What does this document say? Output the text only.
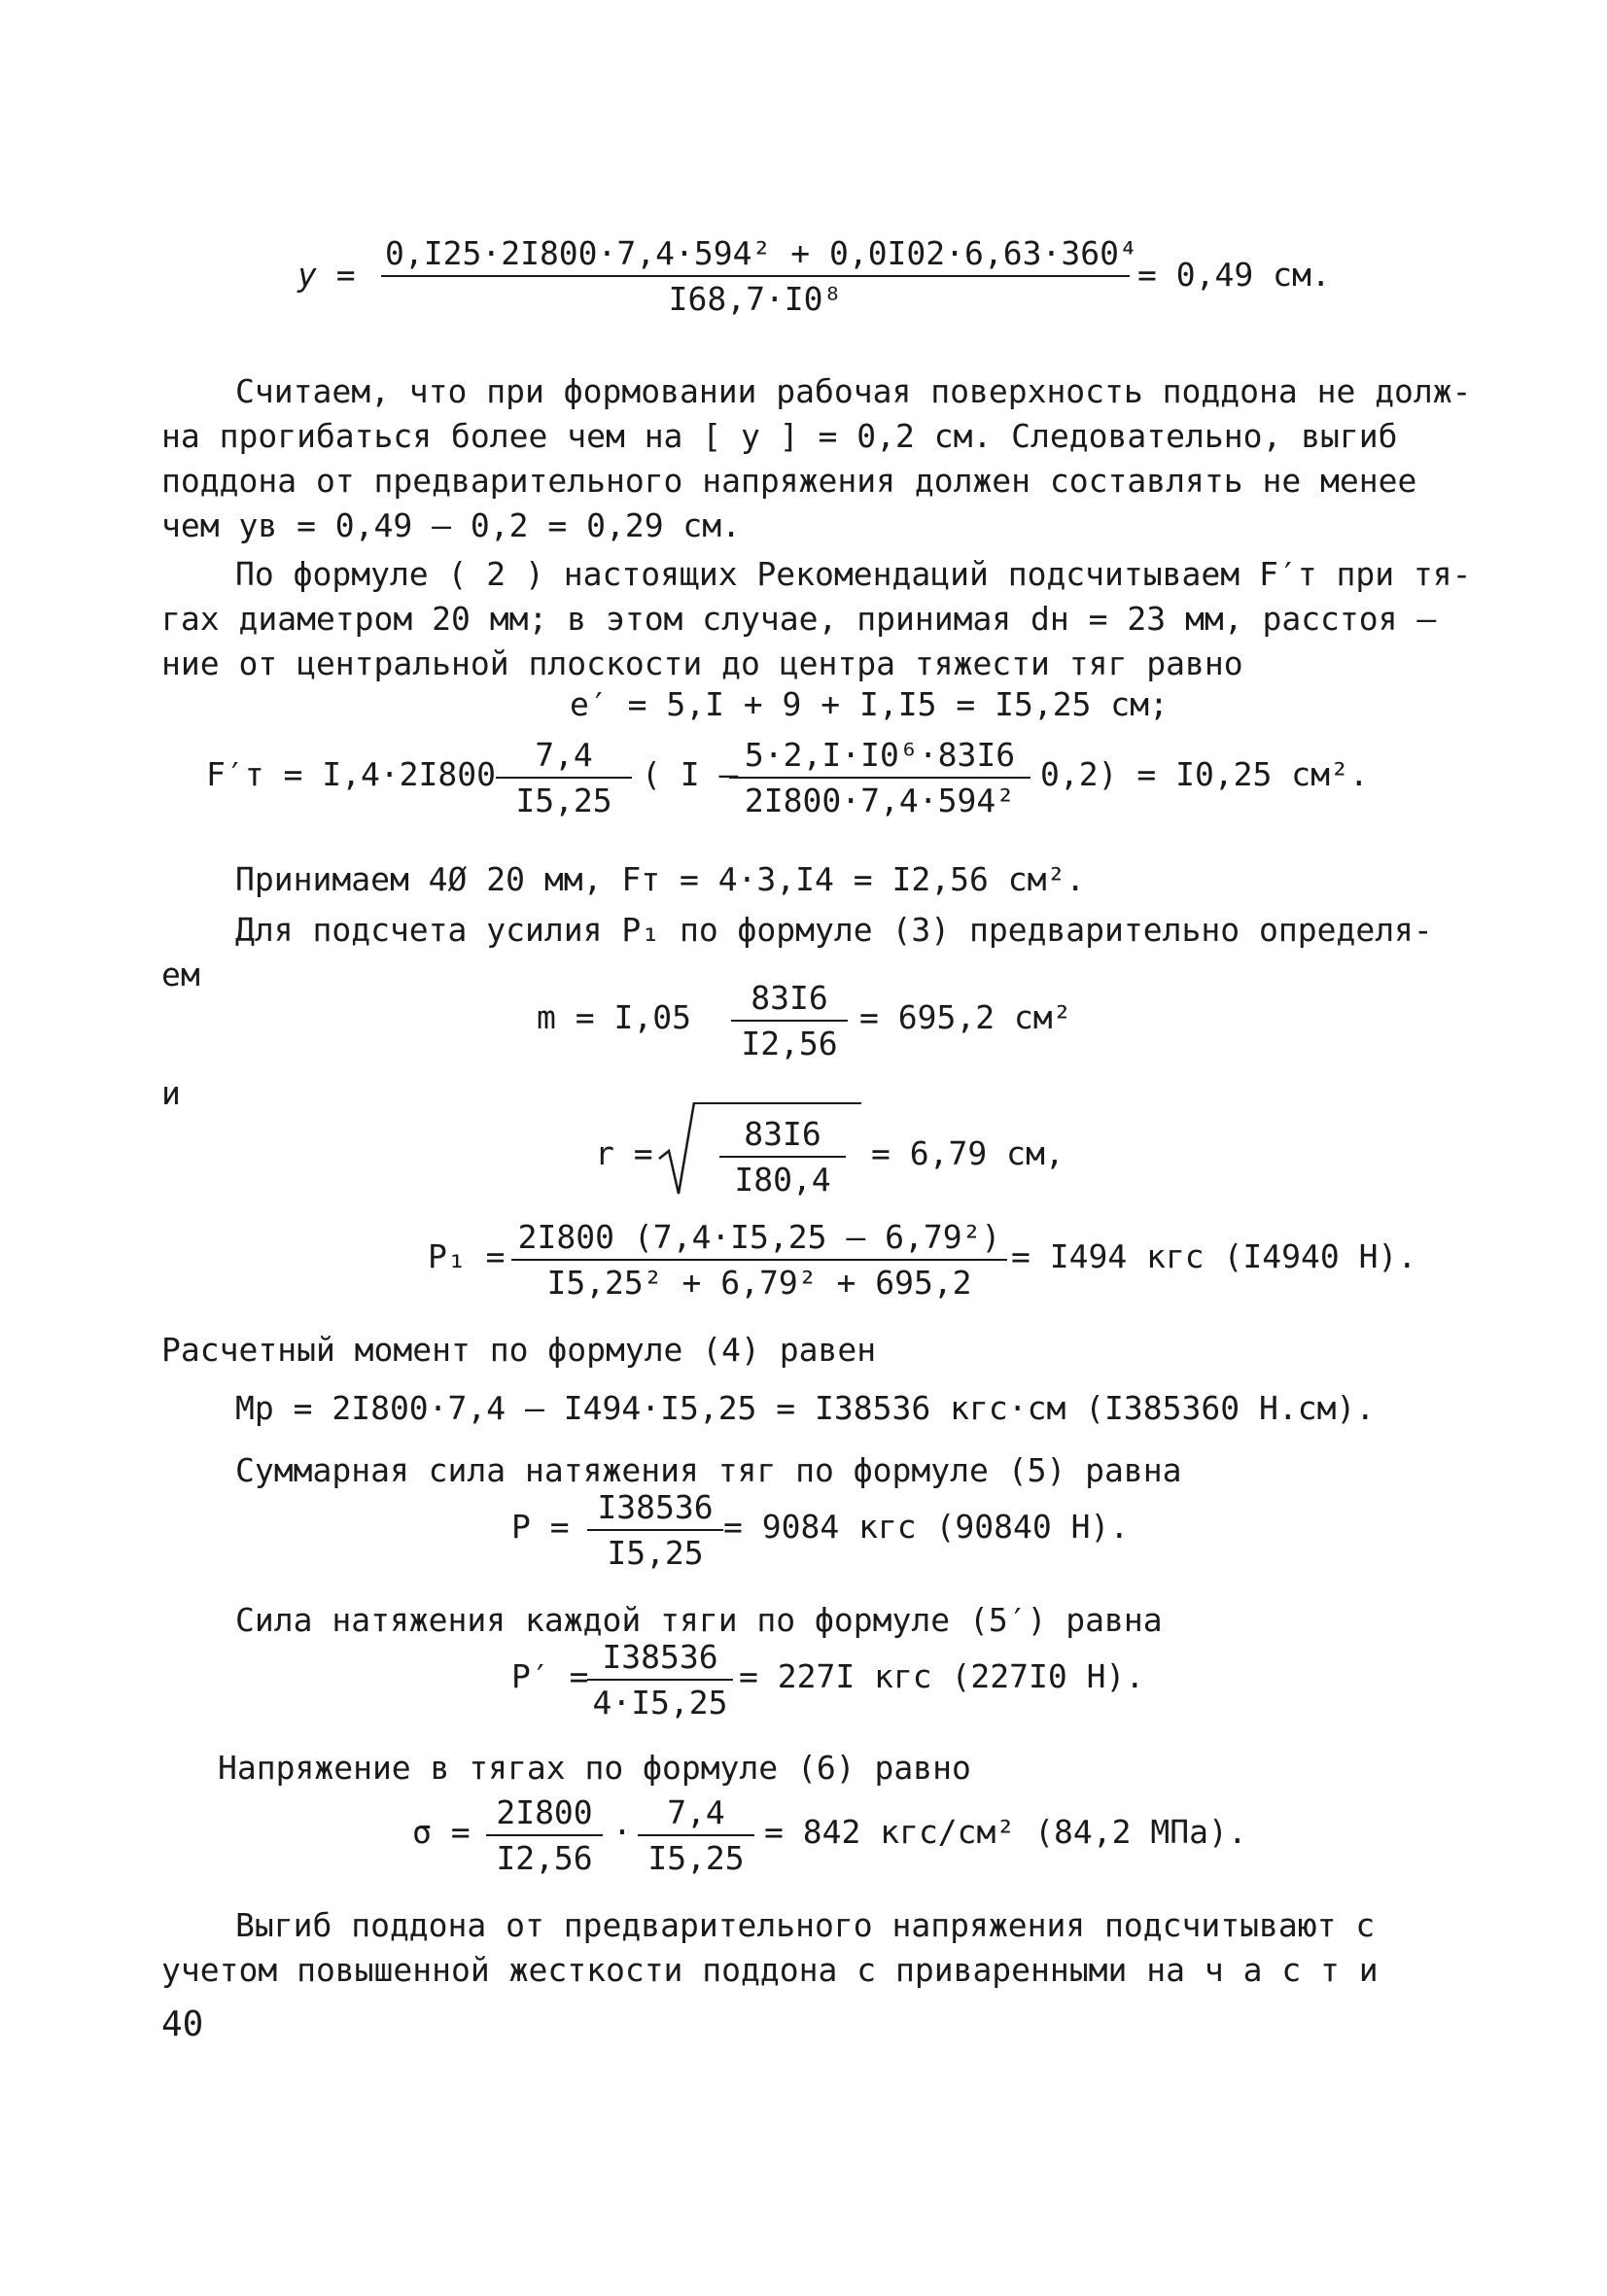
$y = \frac{\text{0,I25·2I800·7,4·594² + 0,0I02·6,63·360⁴}}{\text{I68,7·I0⁸}} = 0,49$ см.
Считаем, что при формовании рабочая поверхность поддона не долж-
на прогибаться более чем на [ y ] = 0,2 см. Следовательно, выгиб
поддона от предварительного напряжения должен составлять не менее
чем yв = 0,49 – 0,2 = 0,29 см.
По формуле ( 2 ) настоящих Рекомендаций подсчитываем F′т при тя-
гах диаметром 20 мм; в этом случае, принимая dн = 23 мм, расстоя –
ние от центральной плоскости до центра тяжести тяг равно
e′ = 5,I + 9 + I,I5 = I5,25 см;
$F'т = I,4\cdot 2I800 \frac{7,4}{I5,25}$ ( I –
$\frac{\text{5·2,I·I0⁶·83I6}}{\text{2I800·7,4·594²}} 0,2) = I0,25$ см².
Принимаем 4Ø 20 мм, Fт = 4·3,I4 = I2,56 см².
Для подсчета усилия P₁ по формуле (3) предварительно определя-
ем
$m = I,05 \frac{83I6}{I2,56} = 695,2$ см²
и
$r = \frac{83I6}{I80,4} = 6,79$ см,
$P_1 = \frac{\text{2I800 (7,4·I5,25 – 6,79²)}}{\text{I5,25² + 6,79² + 695,2}} = I494$ кгс (I4940 Н).
Расчетный момент по формуле (4) равен
Mр = 2I800·7,4 – I494·I5,25 = I38536 кгс·см (I385360 Н.см).
Суммарная сила натяжения тяг по формуле (5) равна
$P = \frac{I38536}{I5,25} = 9084$ кгс (90840 Н).
Сила натяжения каждой тяги по формуле (5′) равна
P′ =
$\frac{I38536}{4\cdot I5,25} = 227I$ кгс (227I0 Н).
Напряжение в тягах по формуле (6) равно
$\sigma = \frac{2I800}{I2,56} \cdot \frac{7,4}{I5,25} = 842$ кгс/см² (84,2 МПа).
Выгиб поддона от предварительного напряжения подсчитывают с
учетом повышенной жесткости поддона с приваренными на ч а с т и
40
